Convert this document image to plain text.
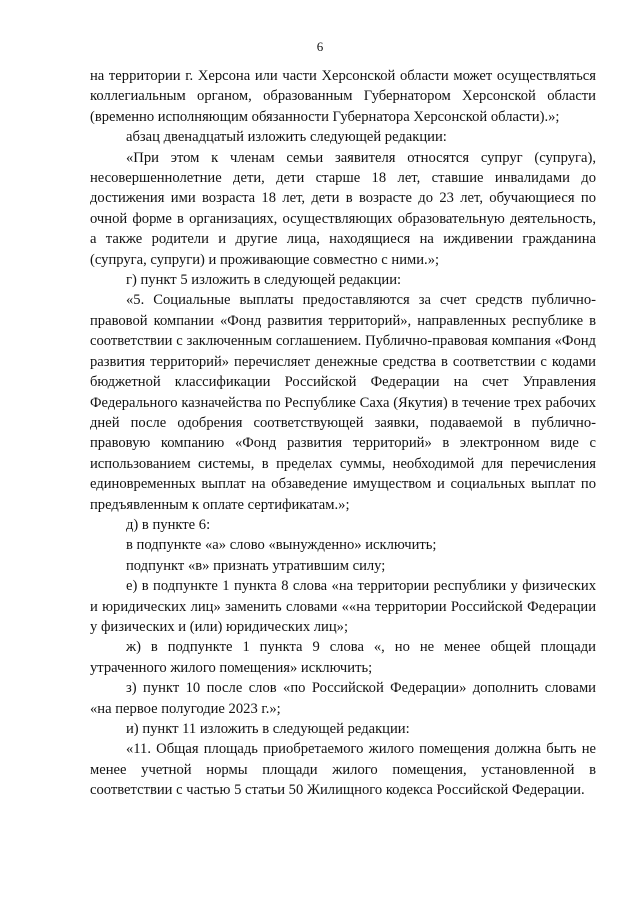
6

на территории г. Херсона или части Херсонской области может осуществляться коллегиальным органом, образованным Губернатором Херсонской области (временно исполняющим обязанности Губернатора Херсонской области).»;

абзац двенадцатый изложить следующей редакции:

«При этом к членам семьи заявителя относятся супруг (супруга), несовершеннолетние дети, дети старше 18 лет, ставшие инвалидами до достижения ими возраста 18 лет, дети в возрасте до 23 лет, обучающиеся по очной форме в организациях, осуществляющих образовательную деятельность, а также родители и другие лица, находящиеся на иждивении гражданина (супруга, супруги) и проживающие совместно с ними.»;

г) пункт 5 изложить в следующей редакции:

«5. Социальные выплаты предоставляются за счет средств публично-правовой компании «Фонд развития территорий», направленных республике в соответствии с заключенным соглашением. Публично-правовая компания «Фонд развития территорий» перечисляет денежные средства в соответствии с кодами бюджетной классификации Российской Федерации на счет Управления Федерального казначейства по Республике Саха (Якутия) в течение трех рабочих дней после одобрения соответствующей заявки, подаваемой в публично-правовую компанию «Фонд развития территорий» в электронном виде с использованием системы, в пределах суммы, необходимой для перечисления единовременных выплат на обзаведение имуществом и социальных выплат по предъявленным к оплате сертификатам.»;

д) в пункте 6:

в подпункте «а» слово «вынужденно» исключить;

подпункт «в» признать утратившим силу;

е) в подпункте 1 пункта 8 слова «на территории республики у физических и юридических лиц» заменить словами ««на территории Российской Федерации у физических и (или) юридических лиц»;

ж) в подпункте 1 пункта 9 слова «, но не менее общей площади утраченного жилого помещения» исключить;

з) пункт 10 после слов «по Российской Федерации» дополнить словами «на первое полугодие 2023 г.»;

и) пункт 11 изложить в следующей редакции:

«11. Общая площадь приобретаемого жилого помещения должна быть не менее учетной нормы площади жилого помещения, установленной в соответствии с частью 5 статьи 50 Жилищного кодекса Российской Федерации.
